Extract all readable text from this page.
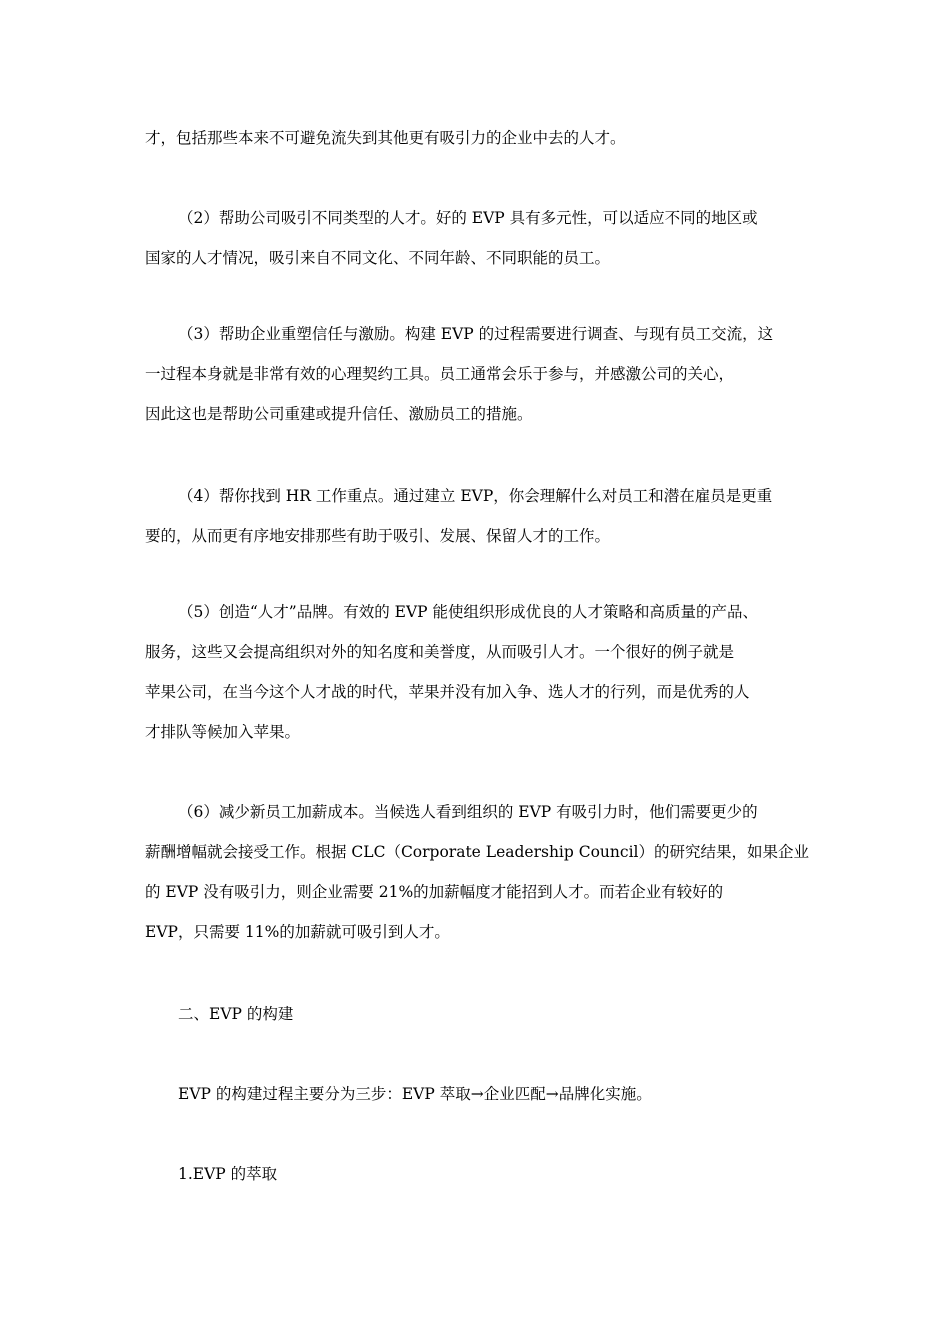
才，包括那些本来不可避免流失到其他更有吸引力的企业中去的人才。

（2）帮助公司吸引不同类型的人才。好的 EVP 具有多元性，可以适应不同的地区或
国家的人才情况，吸引来自不同文化、不同年龄、不同职能的员工。

（3）帮助企业重塑信任与激励。构建 EVP 的过程需要进行调查、与现有员工交流，这
一过程本身就是非常有效的心理契约工具。员工通常会乐于参与，并感激公司的关心，
因此这也是帮助公司重建或提升信任、激励员工的措施。

（4）帮你找到 HR 工作重点。通过建立 EVP，你会理解什么对员工和潜在雇员是更重
要的，从而更有序地安排那些有助于吸引、发展、保留人才的工作。

（5）创造“人才”品牌。有效的 EVP 能使组织形成优良的人才策略和高质量的产品、
服务，这些又会提高组织对外的知名度和美誉度，从而吸引人才。一个很好的例子就是
苹果公司，在当今这个人才战的时代，苹果并没有加入争、选人才的行列，而是优秀的人
才排队等候加入苹果。

（6）减少新员工加薪成本。当候选人看到组织的 EVP 有吸引力时，他们需要更少的
薪酬增幅就会接受工作。根据 CLC（Corporate Leadership Council）的研究结果，如果企业
的 EVP 没有吸引力，则企业需要 21%的加薪幅度才能招到人才。而若企业有较好的
EVP，只需要 11%的加薪就可吸引到人才。

二、EVP 的构建

EVP 的构建过程主要分为三步：EVP 萃取→企业匹配→品牌化实施。

1.EVP 的萃取
